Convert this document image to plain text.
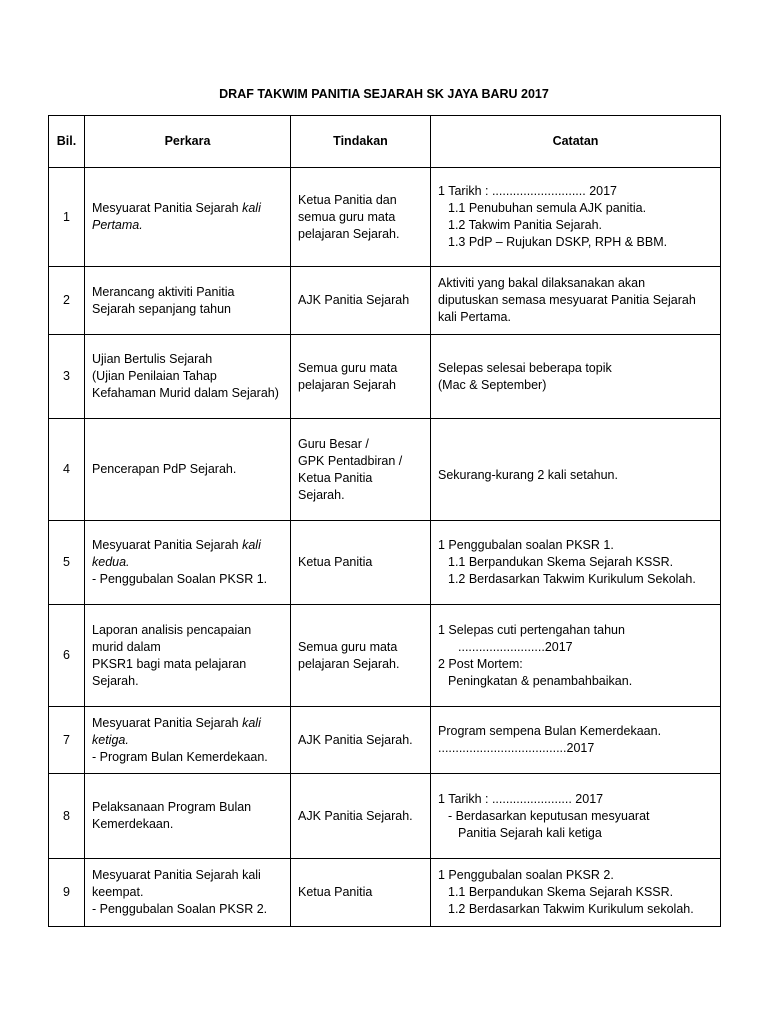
DRAF TAKWIM PANITIA SEJARAH SK JAYA BARU 2017
Bil.	Perkara	Tindakan	Catatan
1	Mesyuarat Panitia Sejarah kali
Pertama.	Ketua Panitia dan
semua guru mata
pelajaran Sejarah.	1 Tarikh : ........................... 2017
1.1 Penubuhan semula AJK panitia.
1.2 Takwim Panitia Sejarah.
1.3 PdP – Rujukan DSKP, RPH & BBM.

2	Merancang aktiviti Panitia
Sejarah sepanjang tahun	AJK Panitia Sejarah	Aktiviti yang bakal dilaksanakan akan
diputuskan semasa mesyuarat Panitia Sejarah
kali Pertama.

3	Ujian Bertulis Sejarah
(Ujian Penilaian Tahap
Kefahaman Murid dalam Sejarah)	Semua guru mata
pelajaran Sejarah	Selepas selesai beberapa topik
(Mac & September)

4	Pencerapan PdP Sejarah.	Guru Besar /
GPK Pentadbiran /
Ketua Panitia
Sejarah.	Sekurang-kurang 2 kali setahun.

5	Mesyuarat Panitia Sejarah kali
kedua.
- Penggubalan Soalan PKSR 1.	Ketua Panitia	1 Penggubalan soalan PKSR 1.
1.1 Berpandukan Skema Sejarah KSSR.
1.2 Berdasarkan Takwim Kurikulum Sekolah.

6	Laporan analisis pencapaian
murid dalam
PKSR1 bagi mata pelajaran
Sejarah.	Semua guru mata
pelajaran Sejarah.	1 Selepas cuti pertengahan tahun
.........................2017
2 Post Mortem:
Peningkatan & penambahbaikan.

7	Mesyuarat Panitia Sejarah kali
ketiga.
- Program Bulan Kemerdekaan.	AJK Panitia Sejarah.	Program sempena Bulan Kemerdekaan.
.....................................2017

8	Pelaksanaan Program Bulan
Kemerdekaan.	AJK Panitia Sejarah.	1 Tarikh : ....................... 2017
- Berdasarkan keputusan mesyuarat
Panitia Sejarah kali ketiga

9	Mesyuarat Panitia Sejarah kali
keempat.
- Penggubalan Soalan PKSR 2.	Ketua Panitia	1 Penggubalan soalan PKSR 2.
1.1 Berpandukan Skema Sejarah KSSR.
1.2 Berdasarkan Takwim Kurikulum sekolah.
